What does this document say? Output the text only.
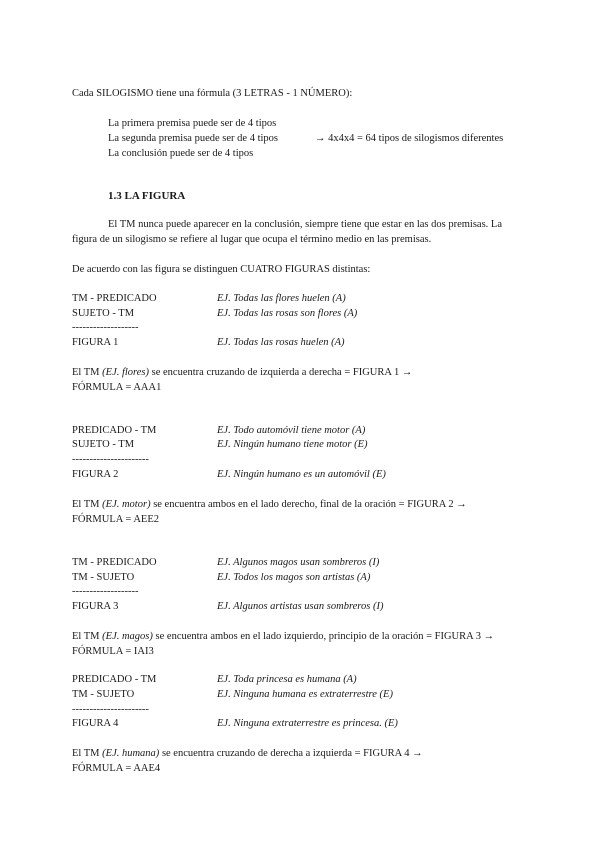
Cada SILOGISMO tiene una fórmula (3 LETRAS - 1 NÚMERO):
La primera premisa puede ser de 4 tipos
La segunda premisa puede ser de 4 tipos	→ 4x4x4 = 64 tipos de silogismos diferentes
La conclusión puede ser de 4 tipos
1.3 LA FIGURA
El TM nunca puede aparecer en la conclusión, siempre tiene que estar en las dos premisas. La
figura de un silogismo se refiere al lugar que ocupa el término medio en las premisas.
De acuerdo con las figura se distinguen CUATRO FIGURAS distintas:
TM - PREDICADO	EJ. Todas las flores huelen (A)
SUJETO - TM	EJ. Todas las rosas son flores (A)
-------------------
FIGURA 1	EJ. Todas las rosas huelen (A)
El TM (EJ. flores) se encuentra cruzando de izquierda a derecha = FIGURA 1 →
FÓRMULA = AAA1
PREDICADO - TM	EJ. Todo automóvil tiene motor (A)
SUJETO - TM	EJ. Ningún humano tiene motor (E)
----------------------
FIGURA 2	EJ. Ningún humano es un automóvil (E)
El TM (EJ. motor) se encuentra ambos en el lado derecho, final de la oración = FIGURA 2 →
FÓRMULA = AEE2
TM - PREDICADO	EJ. Algunos magos usan sombreros (I)
TM - SUJETO	EJ. Todos los magos son artistas (A)
-------------------
FIGURA 3	EJ. Algunos artistas usan sombreros (I)
El TM (EJ. magos) se encuentra ambos en el lado izquierdo, principio de la oración = FIGURA 3 →
FÓRMULA = IAI3
PREDICADO - TM	EJ. Toda princesa es humana (A)
TM - SUJETO	EJ. Ninguna humana es extraterrestre (E)
----------------------
FIGURA 4	EJ. Ninguna extraterrestre es princesa. (E)
El TM (EJ. humana) se encuentra cruzando de derecha a izquierda = FIGURA 4 →
FÓRMULA = AAE4
